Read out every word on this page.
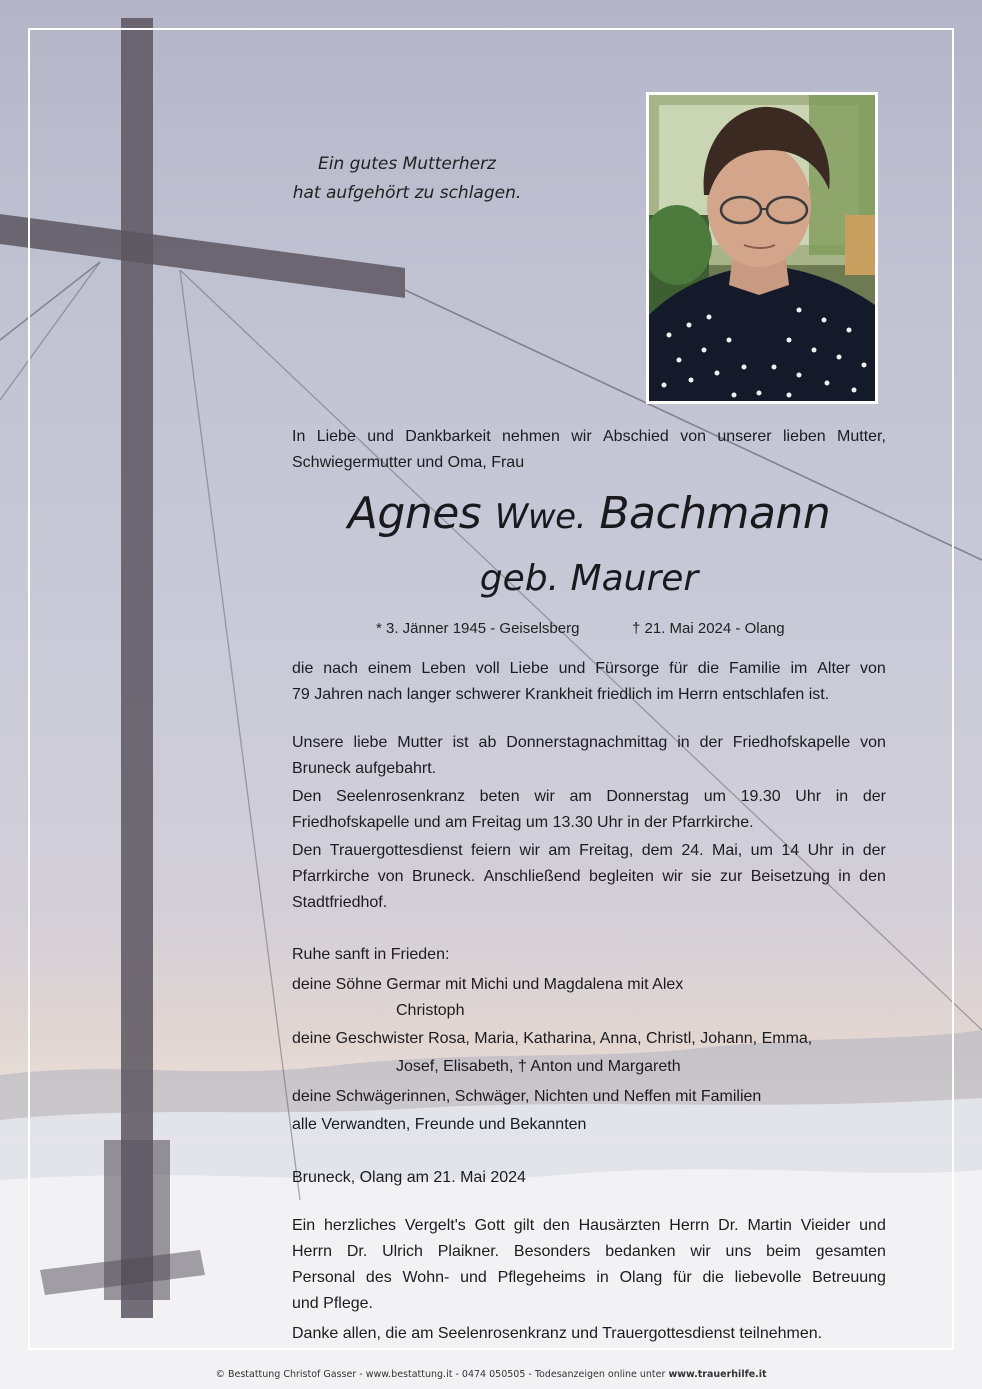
Ein gutes Mutterherz
hat aufgehört zu schlagen.
In Liebe und Dankbarkeit nehmen wir Abschied von unserer lieben Mutter,
Schwiegermutter und Oma, Frau
Agnes Wwe. Bachmann
geb. Maurer
* 3. Jänner 1945 - Geiselsberg	† 21. Mai 2024 - Olang
die nach einem Leben voll Liebe und Fürsorge für die Familie im Alter von
79 Jahren nach langer schwerer Krankheit friedlich im Herrn entschlafen ist.
Unsere liebe Mutter ist ab Donnerstagnachmittag in der Friedhofskapelle von
Bruneck aufgebahrt.
Den Seelenrosenkranz beten wir am Donnerstag um 19.30 Uhr in der
Friedhofskapelle und am Freitag um 13.30 Uhr in der Pfarrkirche.
Den Trauergottesdienst feiern wir am Freitag, dem 24. Mai, um 14 Uhr in der
Pfarrkirche von Bruneck. Anschließend begleiten wir sie zur Beisetzung in den
Stadtfriedhof.
Ruhe sanft in Frieden:
deine Söhne Germar mit Michi und Magdalena mit Alex
Christoph
deine Geschwister Rosa, Maria, Katharina, Anna, Christl, Johann, Emma,
Josef, Elisabeth, † Anton und Margareth
deine Schwägerinnen, Schwäger, Nichten und Neffen mit Familien
alle Verwandten, Freunde und Bekannten
Bruneck, Olang am 21. Mai 2024
Ein herzliches Vergelt's Gott gilt den Hausärzten Herrn Dr. Martin Vieider und
Herrn Dr. Ulrich Plaikner. Besonders bedanken wir uns beim gesamten
Personal des Wohn- und Pflegeheims in Olang für die liebevolle Betreuung
und Pflege.
Danke allen, die am Seelenrosenkranz und Trauergottesdienst teilnehmen.
© Bestattung Christof Gasser - www.bestattung.it - 0474 050505 - Todesanzeigen online unter www.trauerhilfe.it
